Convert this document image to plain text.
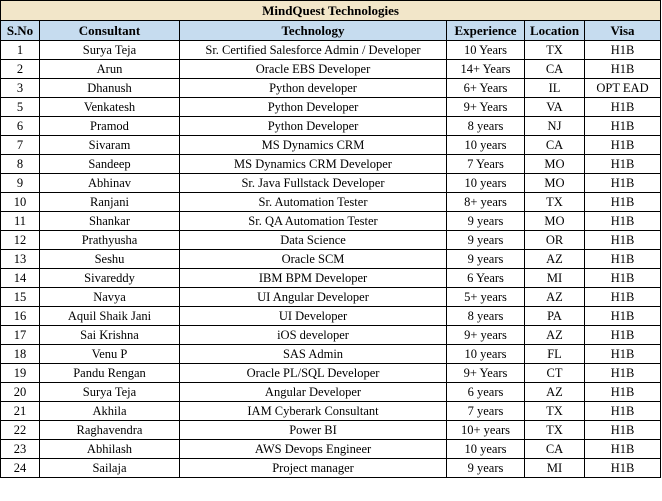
MindQuest Technologies					
S.No	Consultant	Technology	Experience	Location	Visa
1	Surya Teja	Sr. Certified Salesforce Admin / Developer	10 Years	TX	H1B
2	Arun	Oracle EBS Developer	14+ Years	CA	H1B
3	Dhanush	Python developer	6+ Years	IL	OPT EAD
5	Venkatesh	Python Developer	9+ Years	VA	H1B
6	Pramod	Python Developer	8 years	NJ	H1B
7	Sivaram	MS Dynamics CRM	10 years	CA	H1B
8	Sandeep	MS Dynamics CRM Developer	7 Years	MO	H1B
9	Abhinav	Sr. Java Fullstack Developer	10 years	MO	H1B
10	Ranjani	Sr. Automation Tester	8+ years	TX	H1B
11	Shankar	Sr. QA Automation Tester	9 years	MO	H1B
12	Prathyusha	Data Science	9 years	OR	H1B
13	Seshu	Oracle SCM	9 years	AZ	H1B
14	Sivareddy	IBM BPM Developer	6 Years	MI	H1B
15	Navya	UI Angular Developer	5+ years	AZ	H1B
16	Aquil Shaik Jani	UI Developer	8 years	PA	H1B
17	Sai Krishna	iOS developer	9+ years	AZ	H1B
18	Venu P	SAS Admin	10 years	FL	H1B
19	Pandu Rengan	Oracle PL/SQL Developer	9+ Years	CT	H1B
20	Surya Teja	Angular Developer	6 years	AZ	H1B
21	Akhila	IAM Cyberark Consultant	7 years	TX	H1B
22	Raghavendra	Power BI	10+ years	TX	H1B
23	Abhilash	AWS Devops Engineer	10 years	CA	H1B
24	Sailaja	Project manager	9 years	MI	H1B
